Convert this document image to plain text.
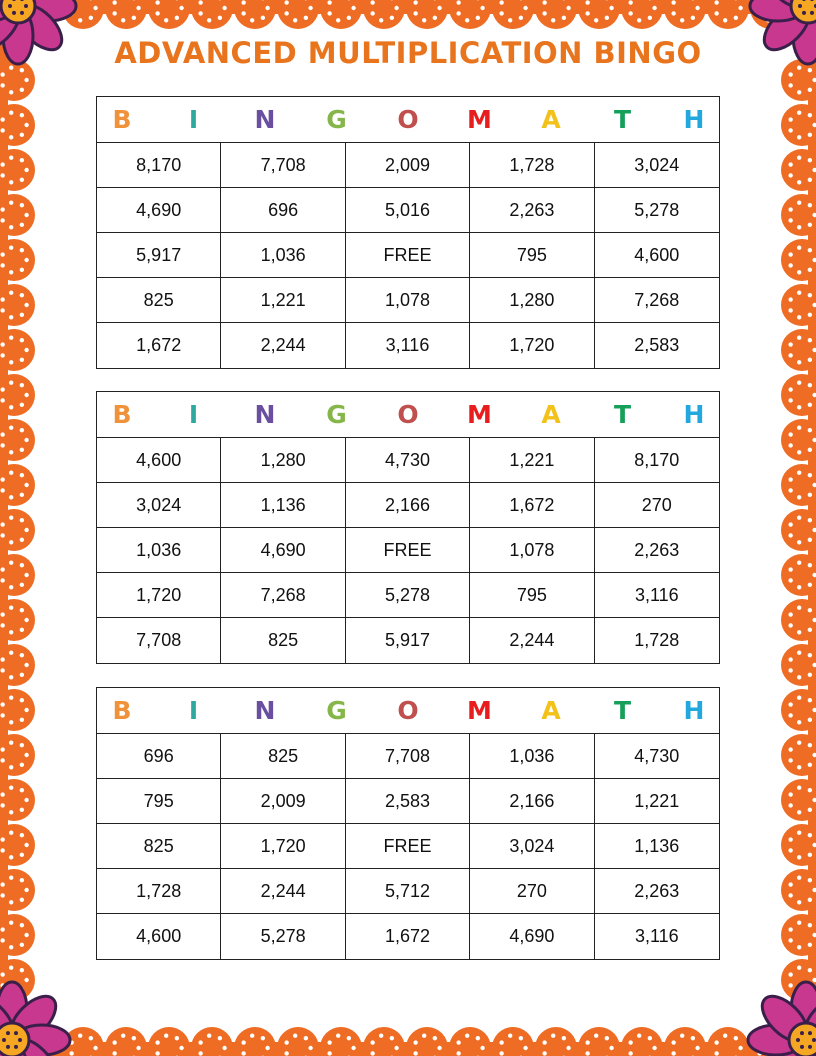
ADVANCED MULTIPLICATION BINGO
B	I	N G O M A T H
8,170	7,708	2,009	1,728	3,024
4,690	696	5,016	2,263	5,278
5,917	1,036	FREE	795	4,600
825	1,221	1,078	1,280	7,268
1,672	2,244	3,116	1,720	2,583
B	I	N G O M A T H
4,600	1,280	4,730	1,221	8,170
3,024	1,136	2,166	1,672	270
1,036	4,690	FREE	1,078	2,263
1,720	7,268	5,278	795	3,116
7,708	825	5,917	2,244	1,728
B	I	N G O M A T H
696	825	7,708	1,036	4,730
795	2,009	2,583	2,166	1,221
825	1,720	FREE	3,024	1,136
1,728	2,244	5,712	270	2,263
4,600	5,278	1,672	4,690	3,116
